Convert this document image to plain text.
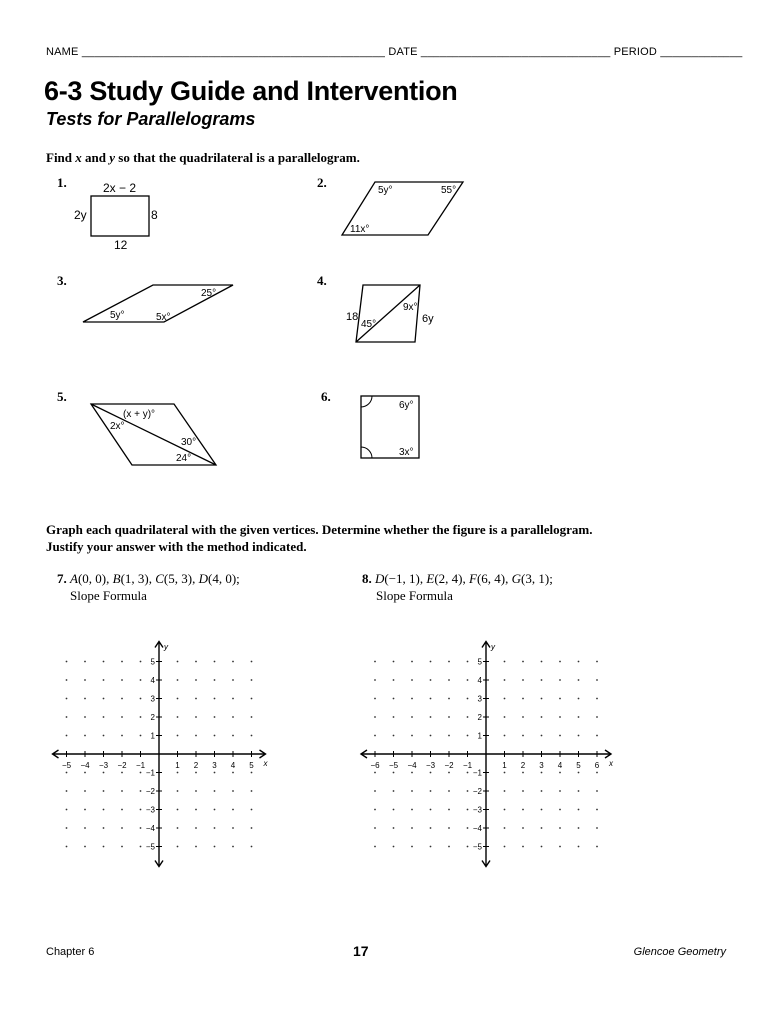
NAME ________________________________________________ DATE ______________________________ PERIOD _____________
6-3 Study Guide and Intervention
Tests for Parallelograms
Find x and y so that the quadrilateral is a parallelogram.
1.	2.
3.	4.
5.	6.
2x − 2
2y	8
12
5y°	55°
11x°
25°
5y°	5x°	18
9x°
45°	6y
(x + y)°
2x°
30°
24°
6y°
3x°
Graph each quadrilateral with the given vertices. Determine whether the figure is a parallelogram.
Justify your answer with the method indicated.
7. A(0, 0), B(1, 3), C(5, 3), D(4, 0);
Slope Formula
8. D(−1, 1), E(2, 4), F(6, 4), G(3, 1);
Slope Formula
−5 −4 −3 −2 −1	1 2 3 4 5
5
4
3
2
1
−1
−2
−3
−4
−5
x
y
−6 −5 −4 −3 −2 −1	1 2 3 4 5 6
5
4
3
2
1
−1
−2
−3
−4
−5
x
y
Chapter 6	17	Glencoe Geometry
